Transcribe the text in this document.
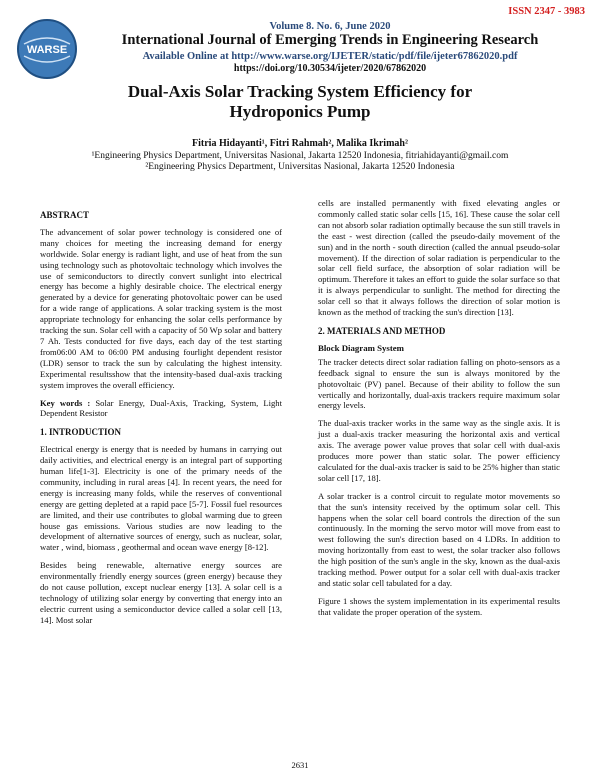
ISSN 2347 - 3983
WARSE
Volume 8. No. 6, June 2020
International Journal of Emerging Trends in Engineering Research
Available Online at http://www.warse.org/IJETER/static/pdf/file/ijeter67862020.pdf
https://doi.org/10.30534/ijeter/2020/67862020
Dual-Axis Solar Tracking System Efficiency for
Hydroponics Pump
Fitria Hidayanti¹, Fitri Rahmah², Malika Ikrimah²
¹Engineering Physics Department, Universitas Nasional, Jakarta 12520 Indonesia, fitriahidayanti@gmail.com
²Engineering Physics Department, Universitas Nasional, Jakarta 12520 Indonesia
ABSTRACT

The advancement of solar power technology is considered one of many choices for meeting the increasing demand for energy worldwide. Solar energy is radiant light, and use of heat from the sun using technology such as photovoltaic technology which involves the use of semiconductors to directly convert sunlight into electrical energy has become a highly desirable choice. The electrical energy generated by a device for generating photovoltaic power can be used for a wide range of applications. A solar tracking system is the most appropriate technology for enhancing the solar cells performance by tracking the sun. Solar cell with a capacity of 50 Wp solar and battery 7 Ah. Tests conducted for five days, each day of the test starting from06:00 AM to 06:00 PM andusing fourlight dependent resistor (LDR) sensor to track the sun by calculating the highest intensity. Experimental resultsshow that the intensity-based dual-axis tracking system improves the overall efficiency.

Key words : Solar Energy, Dual-Axis, Tracking, System, Light Dependent Resistor

1. INTRODUCTION

Electrical energy is energy that is needed by humans in carrying out daily activities, and electrical energy is an integral part of supporting human life[1-3]. Electricity is one of the primary needs of the community, including in rural areas [4]. In recent years, the need for energy is increasing many folds, while the reserves of conventional energy are getting depleted at a rapid pace [5-7]. Fossil fuel resources are limited, and their use contributes to global warming due to green house gas emissions. Various studies are now leading to the development of alternative sources of energy, such as nuclear, solar, water , wind, biomass , geothermal and ocean wave energy [8-12].

Besides being renewable, alternative energy sources are environmentally friendly energy sources (green energy) because they do not cause pollution, except nuclear energy [13]. A solar cell is a technology of utilizing solar energy by converting that energy into an electric current using a semiconductor device called a solar cell [13, 14]. Most solar

cells are installed permanently with fixed elevating angles or commonly called static solar cells [15, 16]. These cause the solar cell can not absorb solar radiation optimally because the sun still travels in the east - west direction (called the pseudo-daily movement of the sun) and in the north - south direction (called the annual pseudo-solar movement). If the direction of solar radiation is perpendicular to the solar cell field surface, the absorption of solar radiation will be optimum. Therefore it takes an effort to guide the solar surface so that it is always perpendicular to sunlight. The method for directing the solar cell so that it always follows the direction of solar motion is known as the method of tracking the sun's direction [13].

2. MATERIALS AND METHOD
Block Diagram System

The tracker detects direct solar radiation falling on photo-sensors as a feedback signal to ensure the sun is always monitored by the photovoltaic (PV) panel. Because of their ability to follow the sun vertically and horizontally, dual-axis trackers require maximum solar energy levels.

The dual-axis tracker works in the same way as the single axis. It is just a dual-axis tracker measuring the horizontal axis and vertical axis. The average power value proves that solar cell with dual-axis produces more power than static solar. The power efficiency calculated for the dual-axis tracker is said to be 25% higher than static solar cell [17, 18].

A solar tracker is a control circuit to regulate motor movements so that the sun's intensity received by the optimum solar cell. This happens when the solar cell board controls the direction of the sun continuously. In the morning the servo motor will move from east to west following the sun's direction based on 4 LDRs. In addition to moving horizontally from east to west, the solar tracker also follows the high position of the sun's angle in the sky, known as the dual-axis tracking method. Power output for a solar cell with dual-axis tracker and static solar cell tabulated for a day.

Figure 1 shows the system implementation in its experimental results that validate the proper operation of the system.

2631
